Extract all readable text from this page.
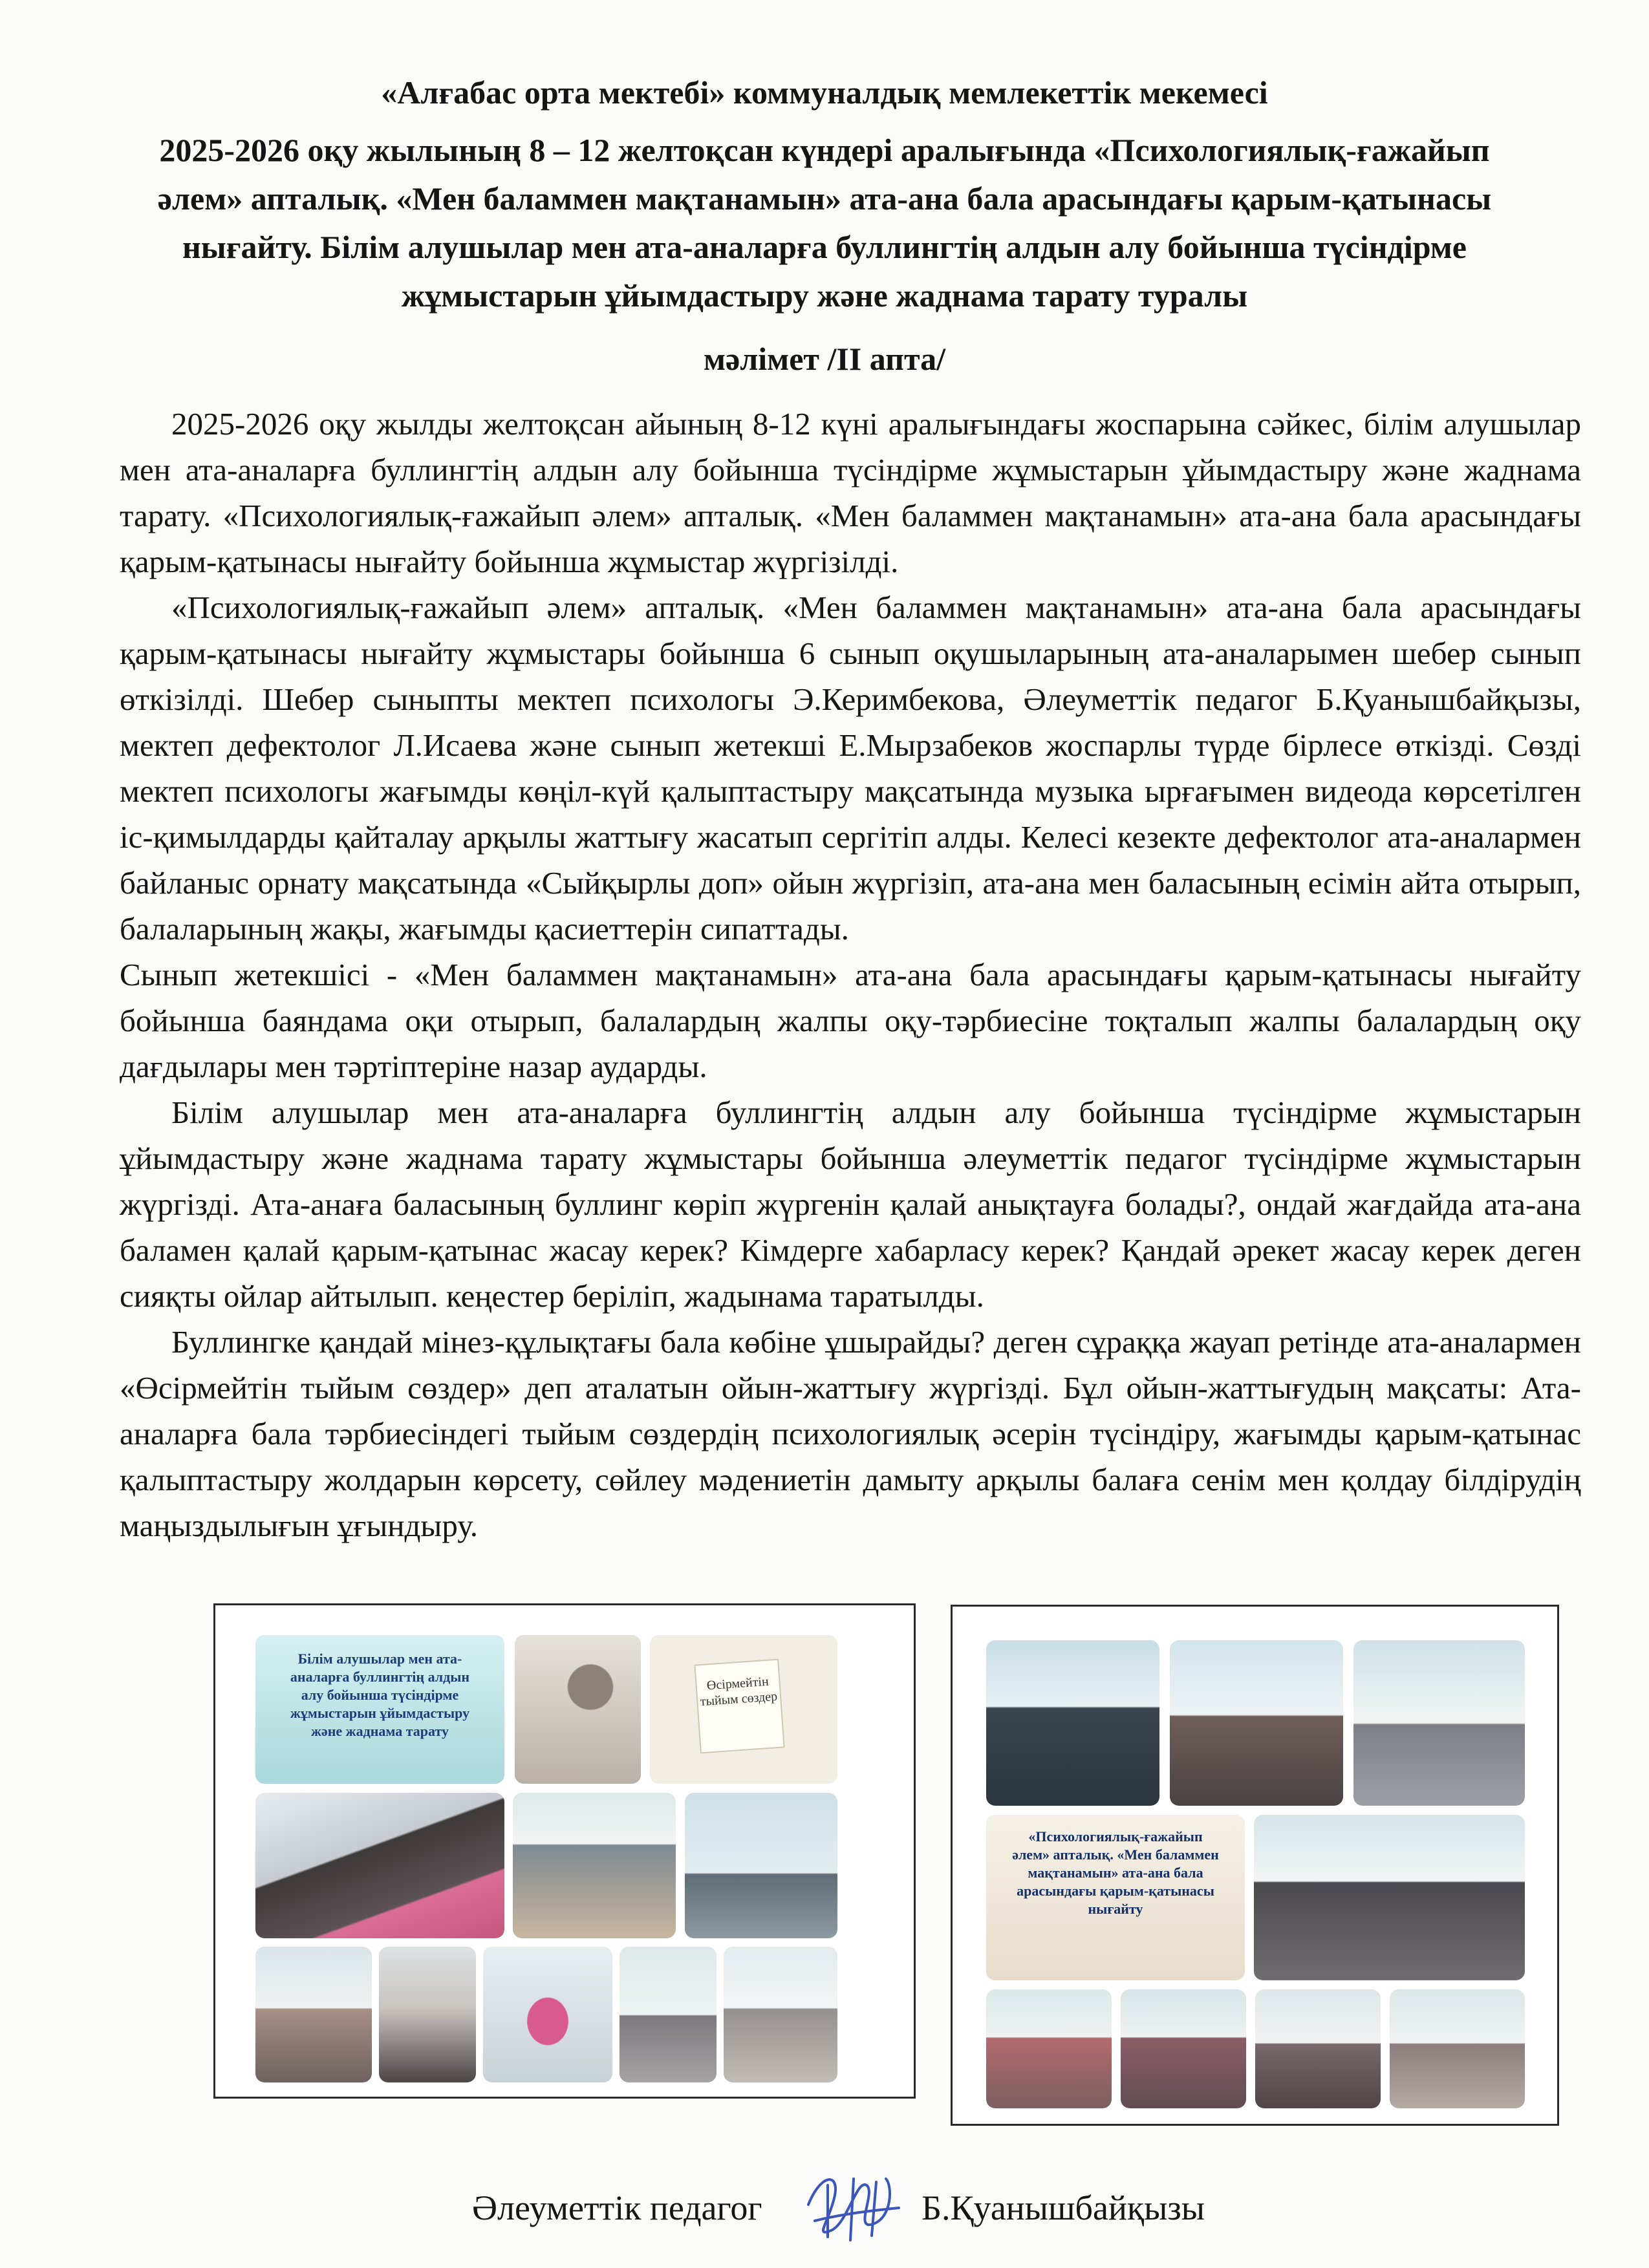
«Алғабас орта мектебі» коммуналдық мемлекеттік мекемесі
2025-2026 оқу жылының 8 – 12 желтоқсан күндері аралығында «Психологиялық-ғажайып әлем» апталық. «Мен баламмен мақтанамын» ата-ана бала арасындағы қарым-қатынасы нығайту. Білім алушылар мен ата-аналарға буллингтің алдын алу бойынша түсіндірме жұмыстарын ұйымдастыру және жаднама тарату туралы
мәлімет /ІІ апта/

2025-2026 оқу жылды желтоқсан айының 8-12 күні аралығындағы жоспарына сәйкес, білім алушылар мен ата-аналарға буллингтің алдын алу бойынша түсіндірме жұмыстарын ұйымдастыру және жаднама тарату. «Психологиялық-ғажайып әлем» апталық. «Мен баламмен мақтанамын» ата-ана бала арасындағы қарым-қатынасы нығайту бойынша жұмыстар жүргізілді.

«Психологиялық-ғажайып әлем» апталық. «Мен баламмен мақтанамын» ата-ана бала арасындағы қарым-қатынасы нығайту жұмыстары бойынша 6 сынып оқушыларының ата-аналарымен шебер сынып өткізілді. Шебер сыныпты мектеп психологы Э.Керимбекова, Әлеуметтік педагог Б.Қуанышбайқызы, мектеп дефектолог Л.Исаева және сынып жетекші Е.Мырзабеков жоспарлы түрде бірлесе өткізді. Сөзді мектеп психологы жағымды көңіл-күй қалыптастыру мақсатында музыка ырғағымен видеода көрсетілген іс-қимылдарды қайталау арқылы жаттығу жасатып сергітіп алды. Келесі кезекте дефектолог ата-аналармен байланыс орнату мақсатында «Сыйқырлы доп» ойын жүргізіп, ата-ана мен баласының есімін айта отырып, балаларының жақы, жағымды қасиеттерін сипаттады.

Сынып жетекшісі - «Мен баламмен мақтанамын» ата-ана бала арасындағы қарым-қатынасы нығайту бойынша баяндама оқи отырып, балалардың жалпы оқу-тәрбиесіне тоқталып жалпы балалардың оқу дағдылары мен тәртіптеріне назар аударды.

Білім алушылар мен ата-аналарға буллингтің алдын алу бойынша түсіндірме жұмыстарын ұйымдастыру және жаднама тарату жұмыстары бойынша әлеуметтік педагог түсіндірме жұмыстарын жүргізді. Ата-анаға баласының буллинг көріп жүргенін қалай анықтауға болады?, ондай жағдайда ата-ана баламен қалай қарым-қатынас жасау керек? Кімдерге хабарласу керек? Қандай әрекет жасау керек деген сияқты ойлар айтылып. кеңестер беріліп, жадынама таратылды.

Буллингке қандай мінез-құлықтағы бала көбіне ұшырайды? деген сұраққа жауап ретінде ата-аналармен «Өсірмейтін тыйым сөздер» деп аталатын ойын-жаттығу жүргізді. Бұл ойын-жаттығудың мақсаты: Ата-аналарға бала тәрбиесіндегі тыйым сөздердің психологиялық әсерін түсіндіру, жағымды қарым-қатынас қалыптастыру жолдарын көрсету, сөйлеу мәдениетін дамыту арқылы балаға сенім мен қолдау білдірудің маңыздылығын ұғындыру.

Білім алушылар мен ата-аналарға буллингтің алдын алу бойынша түсіндірме жұмыстарын ұйымдастыру және жаднама тарату
Өсірмейтін тыйым сөздер
«Психологиялық-ғажайып әлем» апталық. «Мен баламмен мақтанамын» ата-ана бала арасындағы қарым-қатынасы нығайту
Әлеуметтік педагог	Б.Қуанышбайқызы
